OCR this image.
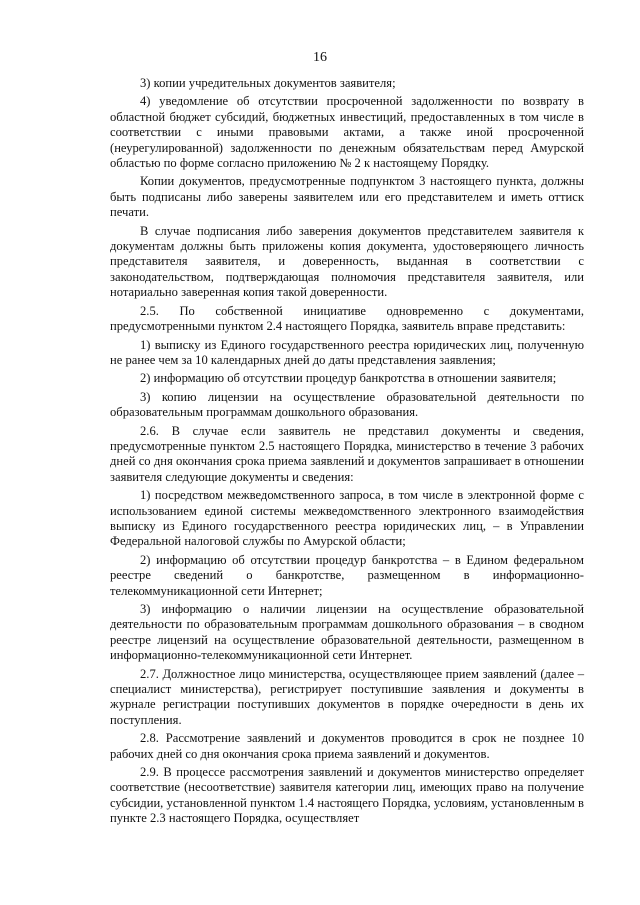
16

3) копии учредительных документов заявителя;

4) уведомление об отсутствии просроченной задолженности по возврату в областной бюджет субсидий, бюджетных инвестиций, предоставленных в том числе в соответствии с иными правовыми актами, а также иной просроченной (неурегулированной) задолженности по денежным обязательствам перед Амурской областью по форме согласно приложению № 2 к настоящему Порядку.

Копии документов, предусмотренные подпунктом 3 настоящего пункта, должны быть подписаны либо заверены заявителем или его представителем и иметь оттиск печати.

В случае подписания либо заверения документов представителем заявителя к документам должны быть приложены копия документа, удостоверяющего личность представителя заявителя, и доверенность, выданная в соответствии с законодательством, подтверждающая полномочия представителя заявителя, или нотариально заверенная копия такой доверенности.

2.5. По собственной инициативе одновременно с документами, предусмотренными пунктом 2.4 настоящего Порядка, заявитель вправе представить:

1) выписку из Единого государственного реестра юридических лиц, полученную не ранее чем за 10 календарных дней до даты представления заявления;

2) информацию об отсутствии процедур банкротства в отношении заявителя;

3) копию лицензии на осуществление образовательной деятельности по образовательным программам дошкольного образования.

2.6. В случае если заявитель не представил документы и сведения, предусмотренные пунктом 2.5 настоящего Порядка, министерство в течение 3 рабочих дней со дня окончания срока приема заявлений и документов запрашивает в отношении заявителя следующие документы и сведения:

1) посредством межведомственного запроса, в том числе в электронной форме с использованием единой системы межведомственного электронного взаимодействия выписку из Единого государственного реестра юридических лиц, – в Управлении Федеральной налоговой службы по Амурской области;

2) информацию об отсутствии процедур банкротства – в Едином федеральном реестре сведений о банкротстве, размещенном в информационно-телекоммуникационной сети Интернет;

3) информацию о наличии лицензии на осуществление образовательной деятельности по образовательным программам дошкольного образования – в сводном реестре лицензий на осуществление образовательной деятельности, размещенном в информационно-телекоммуникационной сети Интернет.

2.7. Должностное лицо министерства, осуществляющее прием заявлений (далее – специалист министерства), регистрирует поступившие заявления и документы в журнале регистрации поступивших документов в порядке очередности в день их поступления.

2.8. Рассмотрение заявлений и документов проводится в срок не позднее 10 рабочих дней со дня окончания срока приема заявлений и документов.

2.9. В процессе рассмотрения заявлений и документов министерство определяет соответствие (несоответствие) заявителя категории лиц, имеющих право на получение субсидии, установленной пунктом 1.4 настоящего Порядка, условиям, установленным в пункте 2.3 настоящего Порядка, осуществляет
